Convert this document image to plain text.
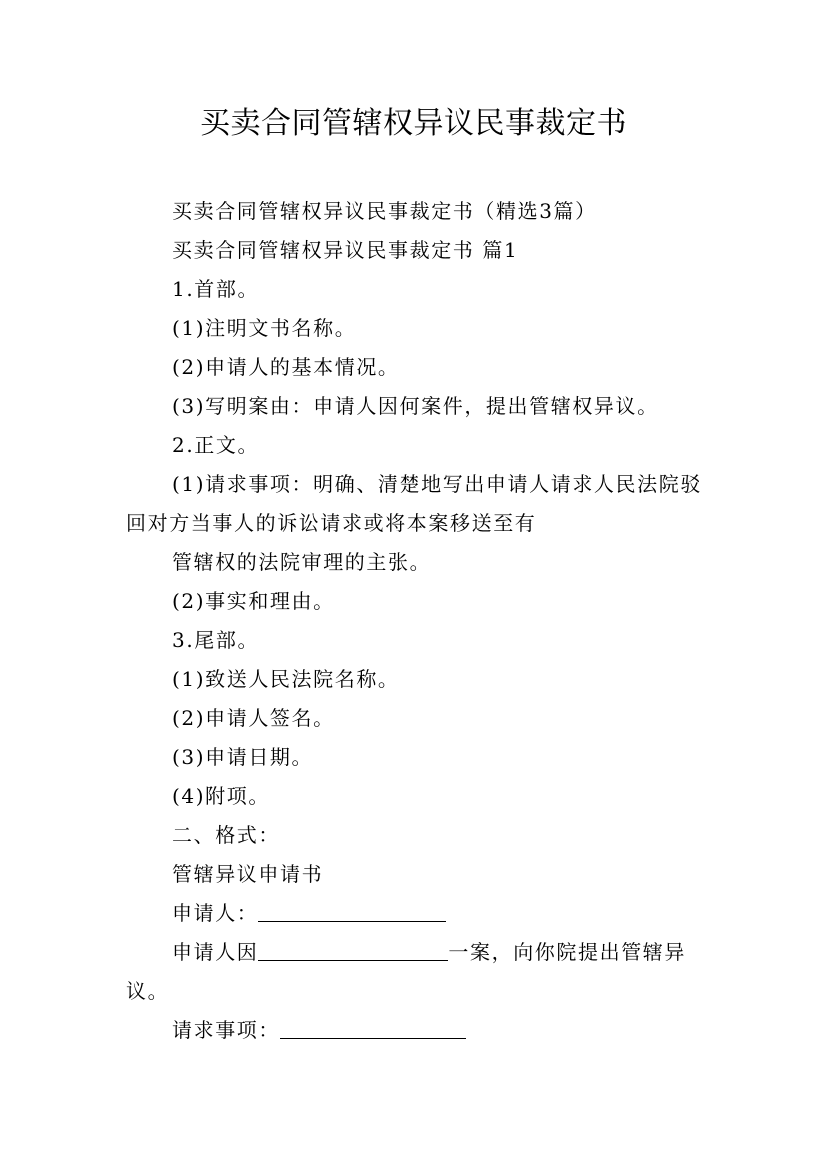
买卖合同管辖权异议民事裁定书
买卖合同管辖权异议民事裁定书（精选3篇）
买卖合同管辖权异议民事裁定书 篇1
1.首部。
(1)注明文书名称。
(2)申请人的基本情况。
(3)写明案由：申请人因何案件，提出管辖权异议。
2.正文。
(1)请求事项：明确、清楚地写出申请人请求人民法院驳回对方当事人的诉讼请求或将本案移送至有
管辖权的法院审理的主张。
(2)事实和理由。
3.尾部。
(1)致送人民法院名称。
(2)申请人签名。
(3)申请日期。
(4)附项。
二、格式：
管辖异议申请书
申请人：
申请人因	一案，向你院提出管辖异议。
请求事项：
